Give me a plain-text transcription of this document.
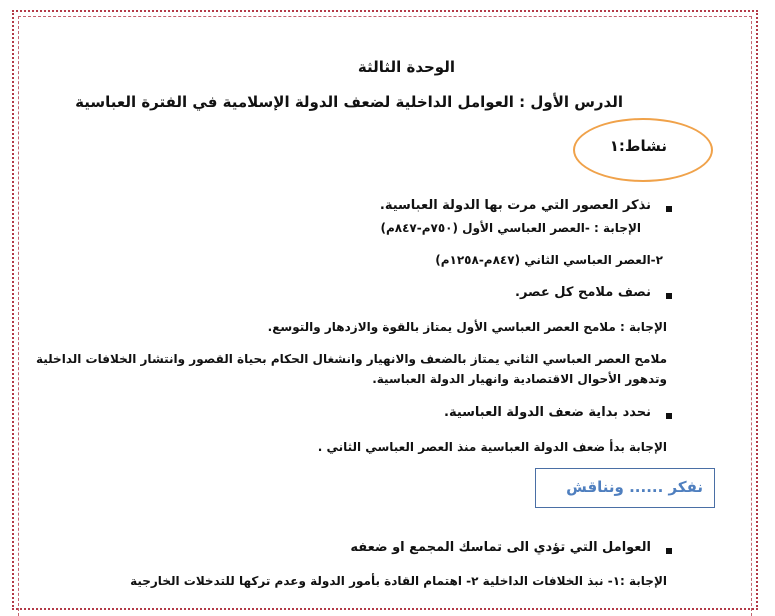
الوحدة الثالثة
الدرس الأول : العوامل الداخلية لضعف الدولة الإسلامية في الفترة العباسية
نشاط:١
نذكر العصور التي مرت بها الدولة العباسية.
الإجابة : -العصر العباسي الأول (٧٥٠م-٨٤٧م)
٢-العصر العباسي الثاني (٨٤٧م-١٢٥٨م)
نصف ملامح كل عصر.
الإجابة : ملامح العصر العباسي الأول يمتاز بالقوة والازدهار والتوسع.
ملامح العصر العباسي الثاني يمتاز بالضعف والانهيار وانشغال الحكام بحياة القصور وانتشار الخلافات الداخلية
وتدهور الأحوال الاقتصادية وانهيار الدولة العباسية.
نحدد بداية ضعف الدولة العباسية.
الإجابة بدأ ضعف الدولة العباسية منذ العصر العباسي الثاني .
نفكر ...... ونناقش
العوامل التي تؤدي الى تماسك المجمع او ضعفه
الإجابة :١- نبذ الخلافات الداخلية ٢- اهتمام القادة بأمور الدولة وعدم تركها للتدخلات الخارجية
